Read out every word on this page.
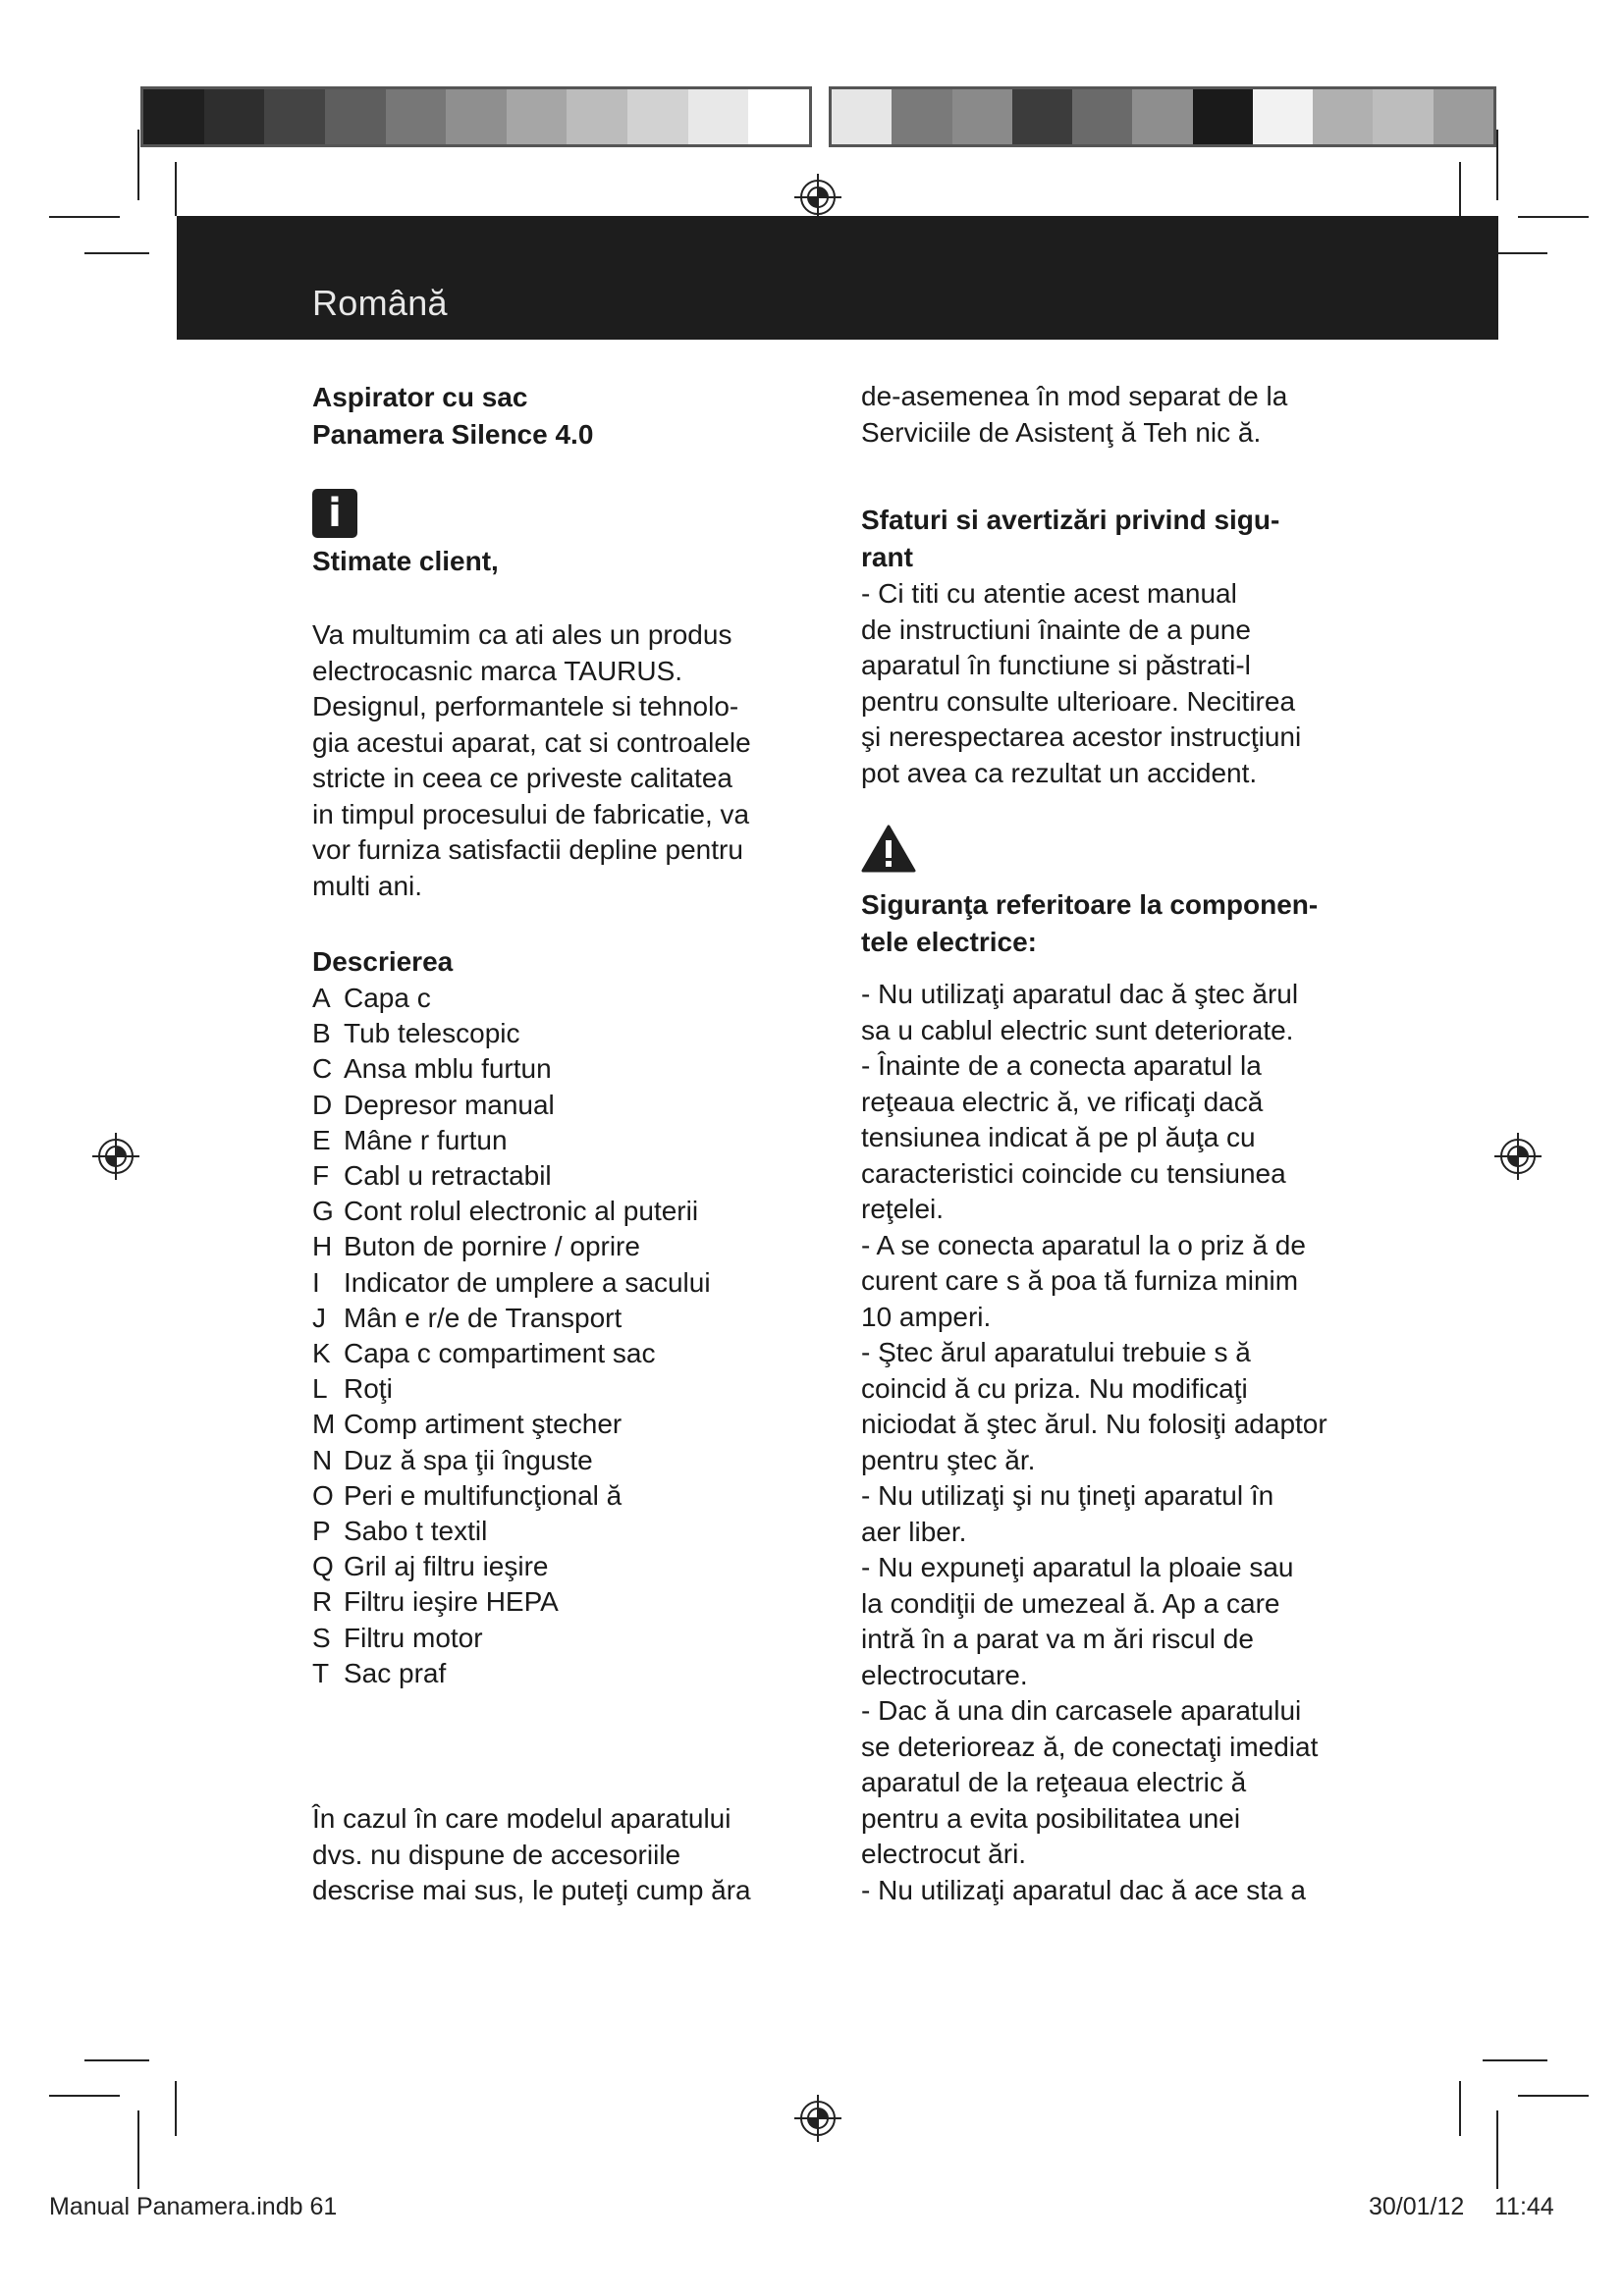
Română

Aspirator cu sac

Panamera Silence 4.0

i

Stimate client,

Va multumim ca ati ales un produs

electrocasnic marca TAURUS.

Designul, performantele si tehnolo-

gia acestui aparat, cat si controalele

stricte in ceea ce priveste calitatea

in timpul procesului de fabricatie, va

vor furniza satisfactii depline pentru

multi ani.

Descrierea

A Capa c
B Tub telescopic
C Ansa mblu furtun
D Depresor manual
E Mâne r furtun
F Cabl u retractabil
G Cont rolul electronic al puterii
H Buton de pornire / oprire
I Indicator de umplere a sacului
J Mân e r/e de Transport
K Capa c compartiment sac
L Roţi
M Comp artiment ştecher
N Duz ă spa ţii înguste
O Peri e multifuncţional ă
P Sabo t textil
Q Gril aj filtru ieşire
R Filtru ieşire HEPA
S Filtru motor
T Sac praf

În cazul în care modelul aparatului

dvs. nu dispune de accesoriile

descrise mai sus, le puteţi cump ăra

de-asemenea în mod separat de la

Serviciile de Asistenţ ă Teh nic ă.

Sfaturi si avertizări privind sigu-

rant

- Ci titi cu atentie acest manual

de instructiuni înainte de a pune

aparatul în functiune si păstrati-l

pentru consulte ulterioare. Necitirea

şi nerespectarea acestor instrucţiuni

pot avea ca rezultat un accident.

Siguranţa referitoare la componen-

tele electrice:

- Nu utilizaţi aparatul dac ă ştec ărul

sa u cablul electric sunt deteriorate.

- Înainte de a conecta aparatul la

reţeaua electric ă, ve rificaţi dacă

tensiunea indicat ă pe pl ăuţa cu

caracteristici coincide cu tensiunea

reţelei.

- A se conecta aparatul la o priz ă de

curent care s ă poa tă furniza minim

10 amperi.

- Ştec ărul aparatului trebuie s ă

coincid ă cu priza. Nu modificaţi

niciodat ă ştec ărul. Nu folosiţi adaptor

pentru ştec ăr.

- Nu utilizaţi şi nu ţineţi aparatul în

aer liber.

- Nu expuneţi aparatul la ploaie sau

la condiţii de umezeal ă. Ap a care

intră în a parat va m ări riscul de

electrocutare.

- Dac ă una din carcasele aparatului

se deterioreaz ă, de conectaţi imediat

aparatul de la reţeaua electric ă

pentru a evita posibilitatea unei

electrocut ări.

- Nu utilizaţi aparatul dac ă ace sta a

Manual Panamera.indb 61	30/01/12 11:44
